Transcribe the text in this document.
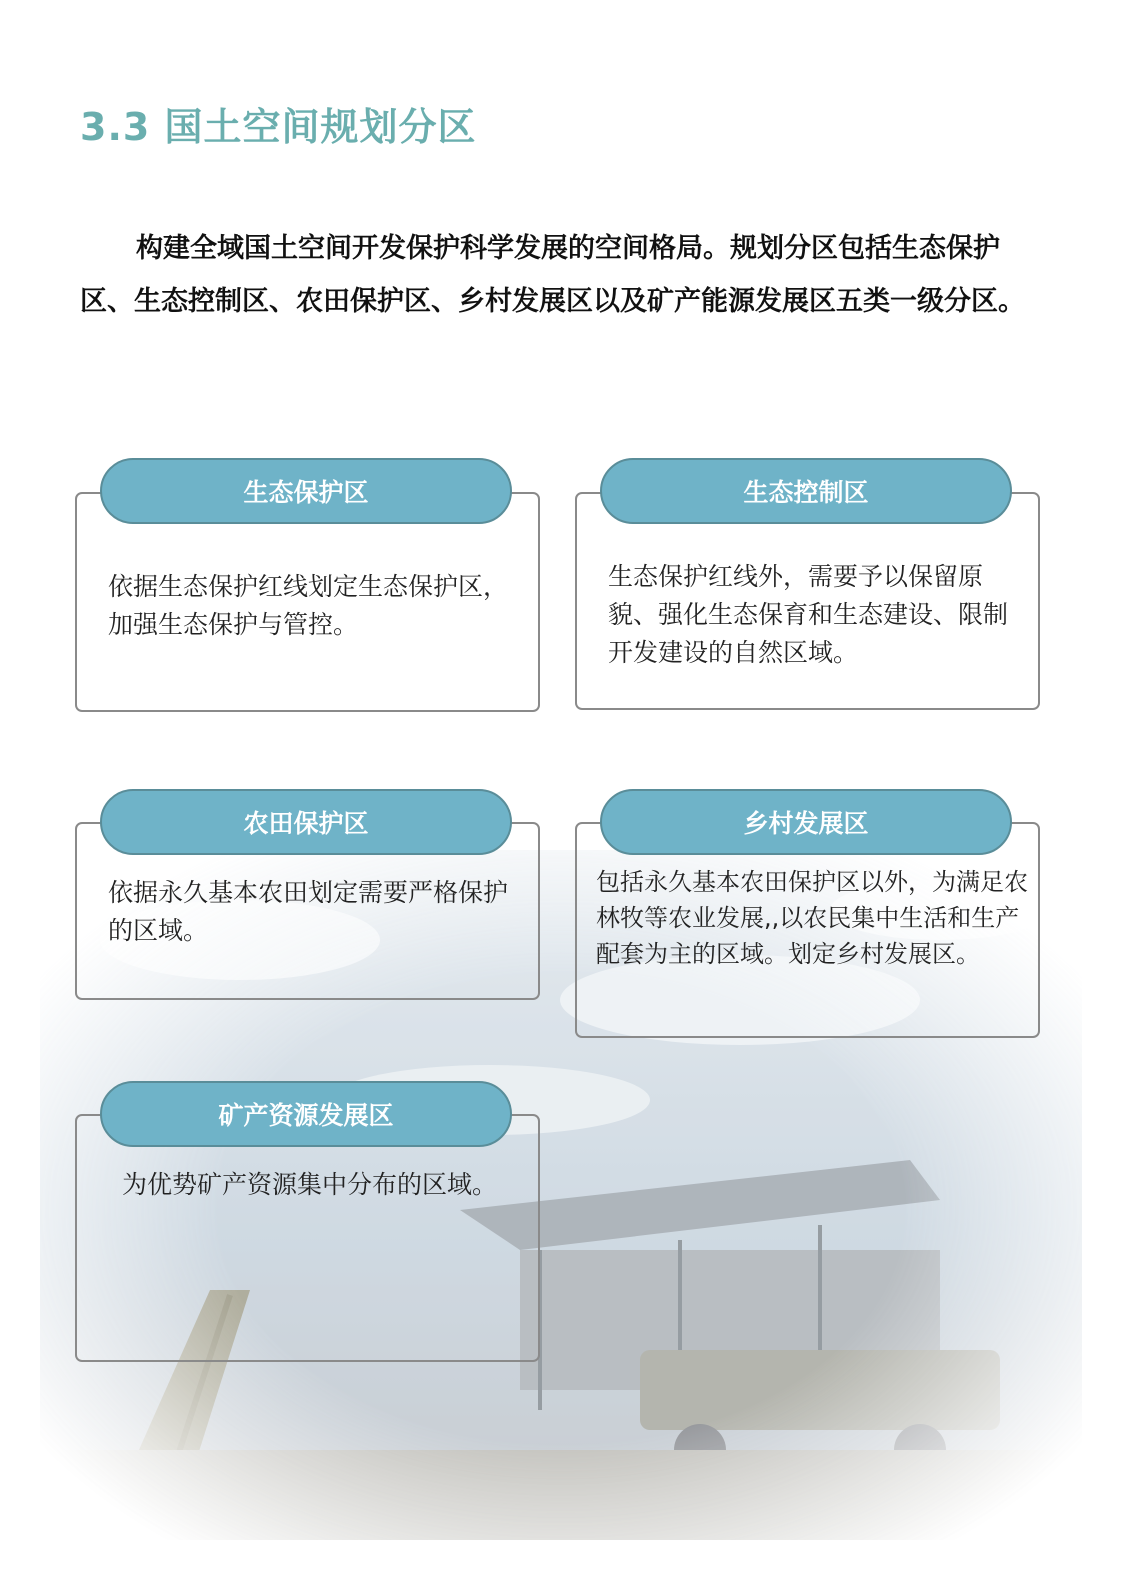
3.3 国土空间规划分区

构建全域国土空间开发保护科学发展的空间格局。规划分区包括生态保护区、生态控制区、农田保护区、乡村发展区以及矿产能源发展区五类一级分区。

生态保护区

依据生态保护红线划定生态保护区，加强生态保护与管控。

生态控制区

生态保护红线外，需要予以保留原貌、强化生态保育和生态建设、限制开发建设的自然区域。

农田保护区

依据永久基本农田划定需要严格保护的区域。

乡村发展区

包括永久基本农田保护区以外，为满足农林牧等农业发展,,以农民集中生活和生产配套为主的区域。划定乡村发展区。

矿产资源发展区

为优势矿产资源集中分布的区域。
